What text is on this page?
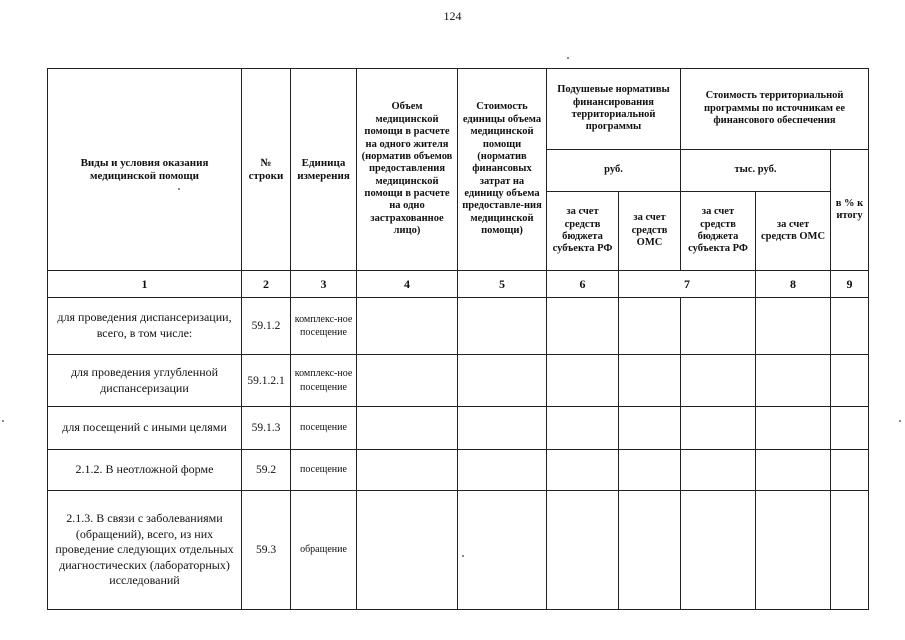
124
Виды и условия оказания медицинской помощи	№ строки	Единица измерения	Объем медицинской помощи в расчете на одного жителя (норматив объемов предоставления медицинской помощи в расчете на одно застрахованное лицо)	Стоимость единицы объема медицинской помощи (норматив финансовых затрат на единицу объема предоставле-ния медицинской помощи)	Подушевые нормативы финансирования территориальной программы		Стоимость территориальной программы по источникам ее финансового обеспечения		
					руб.		тыс. руб.		в % к итогу
					за счет средств бюджета субъекта РФ	за счет средств ОМС	за счет средств бюджета субъекта РФ	за счет средств ОМС	
1	2	3	4	5	6	7		8	9
для проведения диспансеризации, всего, в том числе:	59.1.2	комплекс-ное посещение							
для проведения углубленной диспансеризации	59.1.2.1	комплекс-ное посещение							
для посещений с иными целями	59.1.3	посещение							
2.1.2. В неотложной форме	59.2	посещение							
2.1.3. В связи с заболеваниями (обращений), всего, из них проведение следующих отдельных диагностических (лабораторных) исследований	59.3	обращение							
